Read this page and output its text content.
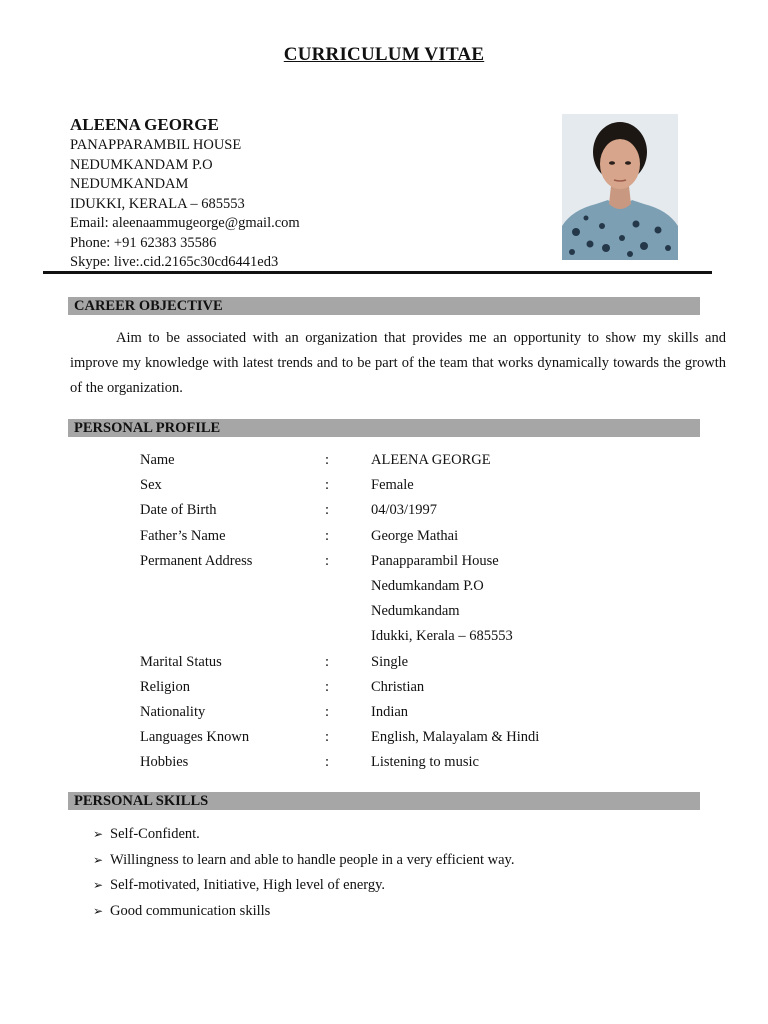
CURRICULUM VITAE
ALEENA GEORGE
PANAPPARAMBIL HOUSE
NEDUMKANDAM P.O
NEDUMKANDAM
IDUKKI, KERALA – 685553
Email: aleenaammugeorge@gmail.com
Phone: +91 62383 35586
Skype: live:.cid.2165c30cd6441ed3
CAREER OBJECTIVE

Aim to be associated with an organization that provides me an opportunity to show my skills and improve my knowledge with latest trends and to be part of the team that works dynamically towards the growth of the organization.

PERSONAL PROFILE
Name	:	ALEENA GEORGE
Sex	:	Female
Date of Birth	:	04/03/1997
Father’s Name	:	George Mathai
Permanent Address	:	Panapparambil House
Nedumkandam P.O
Nedumkandam
Idukki, Kerala – 685553
Marital Status	:	Single
Religion	:	Christian
Nationality	:	Indian
Languages Known	:	English, Malayalam & Hindi
Hobbies	:	Listening to music
PERSONAL SKILLS
➢ Self-Confident.
➢ Willingness to learn and able to handle people in a very efficient way.
➢ Self-motivated, Initiative, High level of energy.
➢ Good communication skills
